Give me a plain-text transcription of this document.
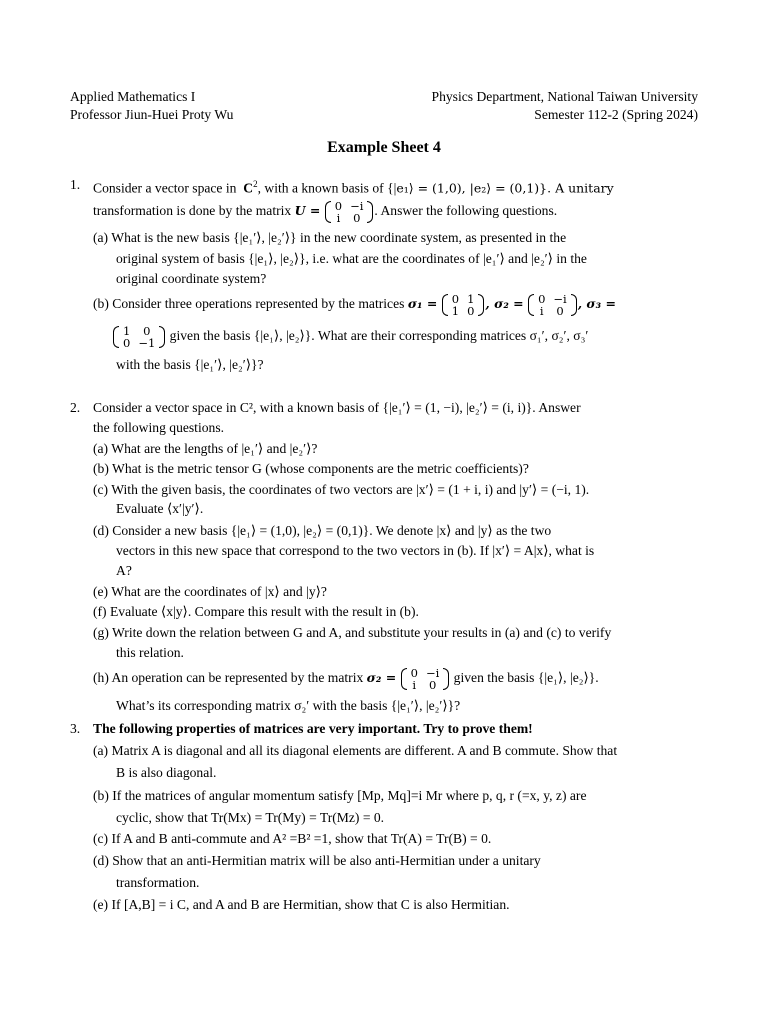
Applied Mathematics I
Professor Jiun-Huei Proty Wu
Physics Department, National Taiwan University
Semester 112-2 (Spring 2024)
Example Sheet 4
1. Consider a vector space in $C^2$, with a known basis of {|e₁⟩ = (1,0), |e₂⟩ = (0,1)}. A unitary
transformation is done by the matrix U = 0	−i
i	0 . Answer the following questions.
(a) What is the new basis {|e₁′⟩, |e₂′⟩} in the new coordinate system, as presented in the
original system of basis {|e₁⟩, |e₂⟩}, i.e. what are the coordinates of |e₁′⟩ and |e₂′⟩ in the
original coordinate system?
(b) Consider three operations represented by the matrices σ₁ = 0	1
1	0 , σ₂ = 0	−i
i	0 , σ₃ =
1	0
0	−1 given the basis {|e₁⟩, |e₂⟩}. What are their corresponding matrices σ₁′, σ₂′, σ₃′
with the basis {|e₁′⟩, |e₂′⟩}?
2. Consider a vector space in C², with a known basis of {|e₁′⟩ = (1, −i), |e₂′⟩ = (i, i)}. Answer
the following questions.
(a) What are the lengths of |e₁′⟩ and |e₂′⟩?
(b) What is the metric tensor G (whose components are the metric coefficients)?
(c) With the given basis, the coordinates of two vectors are |x′⟩ = (1 + i, i) and |y′⟩ = (−i, 1).
Evaluate ⟨x′|y′⟩.
(d) Consider a new basis {|e₁⟩ = (1,0), |e₂⟩ = (0,1)}. We denote |x⟩ and |y⟩ as the two
vectors in this new space that correspond to the two vectors in (b). If |x′⟩ = A|x⟩, what is
A?
(e) What are the coordinates of |x⟩ and |y⟩?
(f) Evaluate ⟨x|y⟩. Compare this result with the result in (b).
(g) Write down the relation between G and A, and substitute your results in (a) and (c) to verify
this relation.
(h) An operation can be represented by the matrix σ₂ = 0	−i
i	0 given the basis {|e₁⟩, |e₂⟩}.
What’s its corresponding matrix σ₂′ with the basis {|e₁′⟩, |e₂′⟩}?
3. The following properties of matrices are very important. Try to prove them!
(a) Matrix A is diagonal and all its diagonal elements are different. A and B commute. Show that
B is also diagonal.
(b) If the matrices of angular momentum satisfy [Mp, Mq]=i Mr where p, q, r (=x, y, z) are
cyclic, show that Tr(Mx) = Tr(My) = Tr(Mz) = 0.
(c) If A and B anti-commute and A² =B² =1, show that Tr(A) = Tr(B) = 0.
(d) Show that an anti-Hermitian matrix will be also anti-Hermitian under a unitary
transformation.
(e) If [A,B] = i C, and A and B are Hermitian, show that C is also Hermitian.
